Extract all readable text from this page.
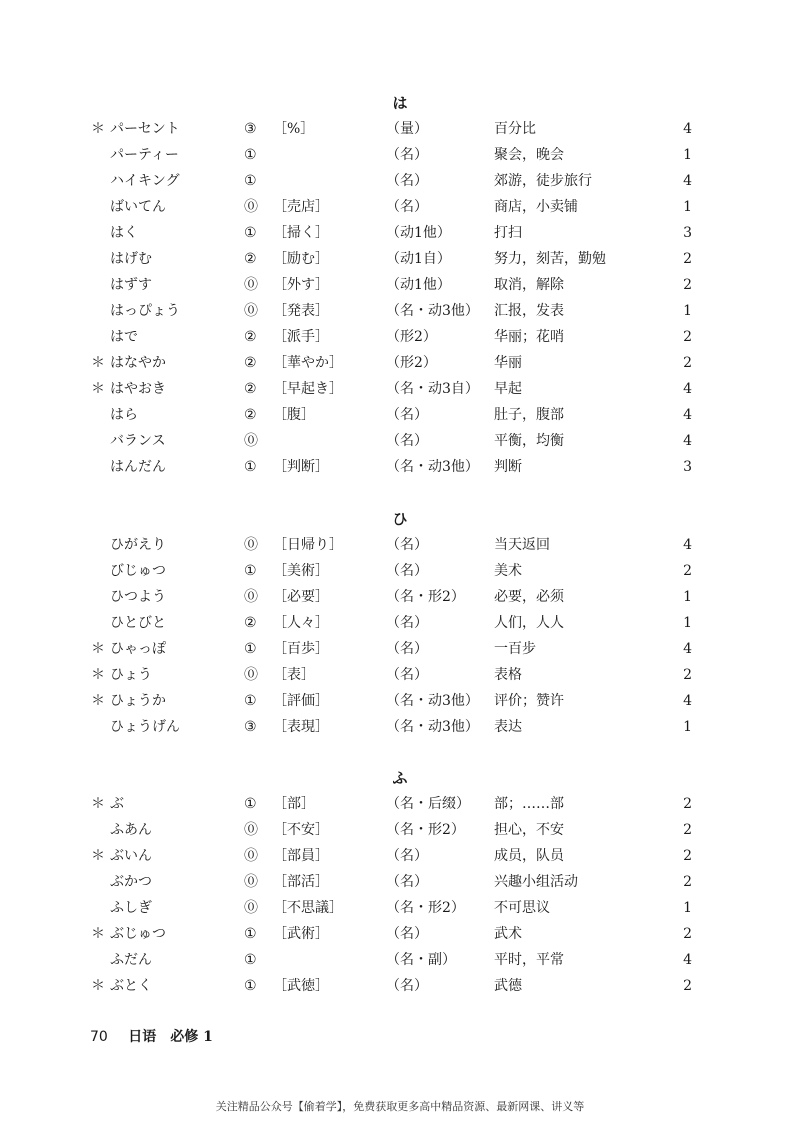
は
＊ パーセント	③ ［%］	（量）	百分比	4
パーティー	①	（名）	聚会，晚会	1
ハイキング	①	（名）	郊游，徒步旅行	4
ばいてん	⓪ ［売店］	（名）	商店，小卖铺	1
はく	① ［掃く］	（动1他）	打扫	3
はげむ	② ［励む］	（动1自）	努力，刻苦，勤勉	2
はずす	⓪ ［外す］	（动1他）	取消，解除	2
はっぴょう	⓪ ［発表］	（名・动3他） 汇报，发表	1
はで	② ［派手］	（形2）	华丽；花哨	2
＊ はなやか	② ［華やか］	（形2）	华丽	2
＊ はやおき	② ［早起き］	（名・动3自） 早起	4
はら	② ［腹］	（名）	肚子，腹部	4
バランス	⓪	（名）	平衡，均衡	4
はんだん	① ［判断］	（名・动3他） 判断	3
ひ
ひがえり	⓪ ［日帰り］	（名）	当天返回	4
びじゅつ	① ［美術］	（名）	美术	2
ひつよう	⓪ ［必要］	（名・形2） 必要，必须	1
ひとびと	② ［人々］	（名）	人们，人人	1
＊ ひゃっぽ	① ［百歩］	（名）	一百步	4
＊ ひょう	⓪ ［表］	（名）	表格	2
＊ ひょうか	① ［評価］	（名・动3他） 评价；赞许	4
ひょうげん	③ ［表現］	（名・动3他） 表达	1
ふ
＊ ぶ	① ［部］	（名・后缀） 部；……部	2
ふあん	⓪ ［不安］	（名・形2） 担心，不安	2
＊ ぶいん	⓪ ［部員］	（名）	成员，队员	2
ぶかつ	⓪ ［部活］	（名）	兴趣小组活动	2
ふしぎ	⓪ ［不思議］	（名・形2） 不可思议	1
＊ ぶじゅつ	① ［武術］	（名）	武术	2
ふだん	①	（名・副）	平时，平常	4
＊ ぶとく	① ［武徳］	（名）	武德	2
70 日语　必修 1
关注精品公众号【偷着学】，免费获取更多高中精品资源、最新网课、讲义等
